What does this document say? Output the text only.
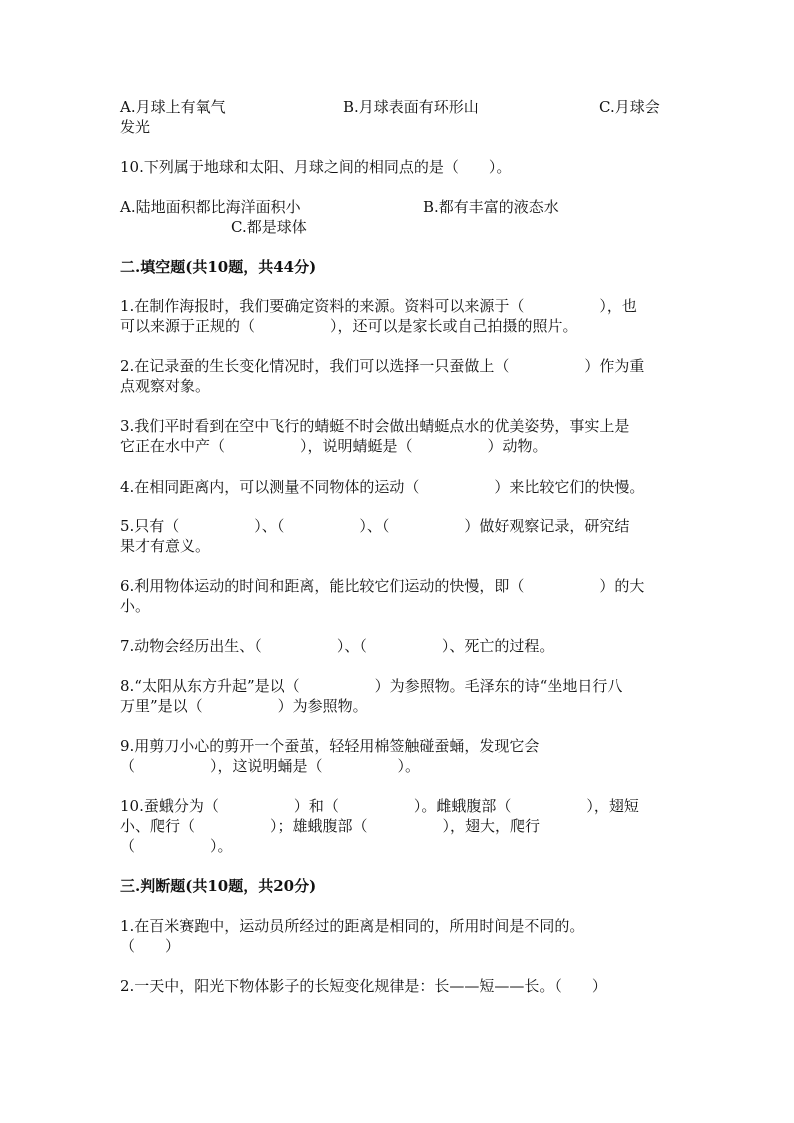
A.月球上有氧气	B.月球表面有环形山	C.月球会
发光
10.下列属于地球和太阳、月球之间的相同点的是（　　）。
A.陆地面积都比海洋面积小	B.都有丰富的液态水
C.都是球体
二.填空题(共10题，共44分)
1.在制作海报时，我们要确定资料的来源。资料可以来源于（　　　　　），也
可以来源于正规的（　　　　　），还可以是家长或自己拍摄的照片。
2.在记录蚕的生长变化情况时，我们可以选择一只蚕做上（　　　　　）作为重
点观察对象。
3.我们平时看到在空中飞行的蜻蜓不时会做出蜻蜓点水的优美姿势，事实上是
它正在水中产（　　　　　），说明蜻蜓是（　　　　　）动物。
4.在相同距离内，可以测量不同物体的运动（　　　　　）来比较它们的快慢。
5.只有（　　　　　）、（　　　　　）、（　　　　　）做好观察记录，研究结
果才有意义。
6.利用物体运动的时间和距离，能比较它们运动的快慢，即（　　　　　）的大
小。
7.动物会经历出生、（　　　　　）、（　　　　　）、死亡的过程。
8.“太阳从东方升起”是以（　　　　　）为参照物。毛泽东的诗“坐地日行八
万里”是以（　　　　　）为参照物。
9.用剪刀小心的剪开一个蚕茧，轻轻用棉签触碰蚕蛹，发现它会
（　　　　　），这说明蛹是（　　　　　）。
10.蚕蛾分为（　　　　　）和（　　　　　）。雌蛾腹部（　　　　　），翅短
小、爬行（　　　　　）；雄蛾腹部（　　　　　），翅大，爬行
（　　　　　）。
三.判断题(共10题，共20分)
1.在百米赛跑中，运动员所经过的距离是相同的，所用时间是不同的。
（　　）
2.一天中，阳光下物体影子的长短变化规律是：长——短——长。（　　）
